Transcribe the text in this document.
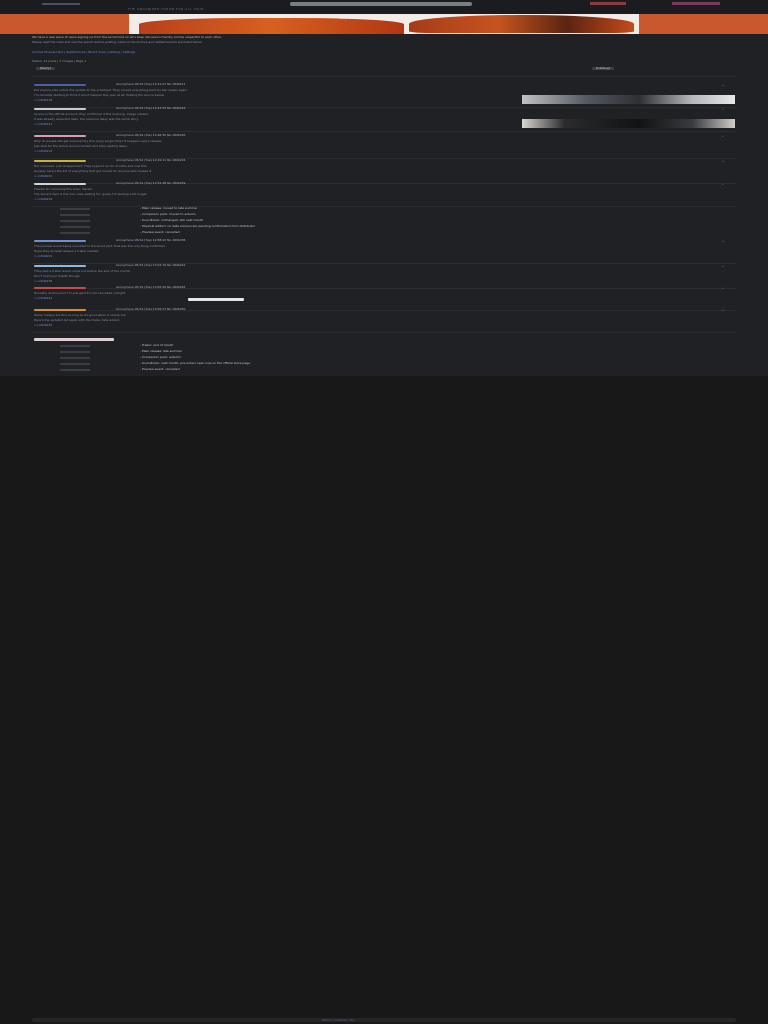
THE ORGANIZED FORUM FOR ALL YOUR
Spaghetti
We have a new wave of users signing up from the social links so let's keep discussion friendly and be respectful to each other.
Please read the rules and use the search before posting. Links to the archive and related boards are listed below.
Archive threads here | Related links | Board rules | Catalog | Settings
Status: 14 posts | 3 images | Page 1
[Reply]	[Catalog]
Anonymous 05/14 (Tue) 12:41:07 No.1840211	▸
Did anyone else notice the update to the schedule? They moved everything back by two weeks again.
I'm honestly starting to think it won't happen this year at all. Posting the source below.
>>1840198
Anonymous 05/14 (Tue) 12:43:52 No.1840216	▸
Source is the official account, they confirmed it this morning. Image related.
It was already expected desu, the previous delay was the same story.
>>1840211
Anonymous 05/14 (Tue) 12:46:30 No.1840220	▸
Why do people still get surprised by this every single time? It happens every release.
Just wait for the actual announcement and stop reading leaks.
>>1840216
Anonymous 05/14 (Tue) 12:49:11 No.1840224	▸
Not surprised, just disappointed. They hyped it up for months and now this.
Anyway here's the list of everything that got moved for anyone who missed it.
>>1840220
Anonymous 05/14 (Tue) 12:52:48 No.1840229	▸
Thanks for compiling this anon. Saved.
The second item is the one I was waiting for, guess I'm waiting a bit longer.
>>1840224
- Main release: moved to late summer
- Companion pack: moved to autumn
- Soundtrack: unchanged, still next month
- Physical edition: no date announced, pending confirmation from distributor
- Preview event: cancelled
Anonymous 05/14 (Tue) 12:58:02 No.1840236	▸
The preview event being cancelled is the worst part, that was the only thing confirmed.
Hope they at least release a trailer instead.
>>1840229
Anonymous 05/14 (Tue) 13:02:19 No.1840241	▸
They said a trailer would come out before the end of the month.
Don't hold your breath though.
>>1840236
Anonymous 05/14 (Tue) 13:05:44 No.1840245	▸
Honestly at this point I'm just glad it's not cancelled outright.
>>1840241
Anonymous 05/14 (Tue) 13:09:27 No.1840250	▸
Same. Delays are fine as long as it's good when it comes out.
Here's the updated list again with the trailer date added.
>>1840245
- Trailer: end of month
- Main release: late summer
- Companion pack: autumn
- Soundtrack: next month, pre-orders open now on the official store page
- Preview event: cancelled
Return | Catalog | Top
